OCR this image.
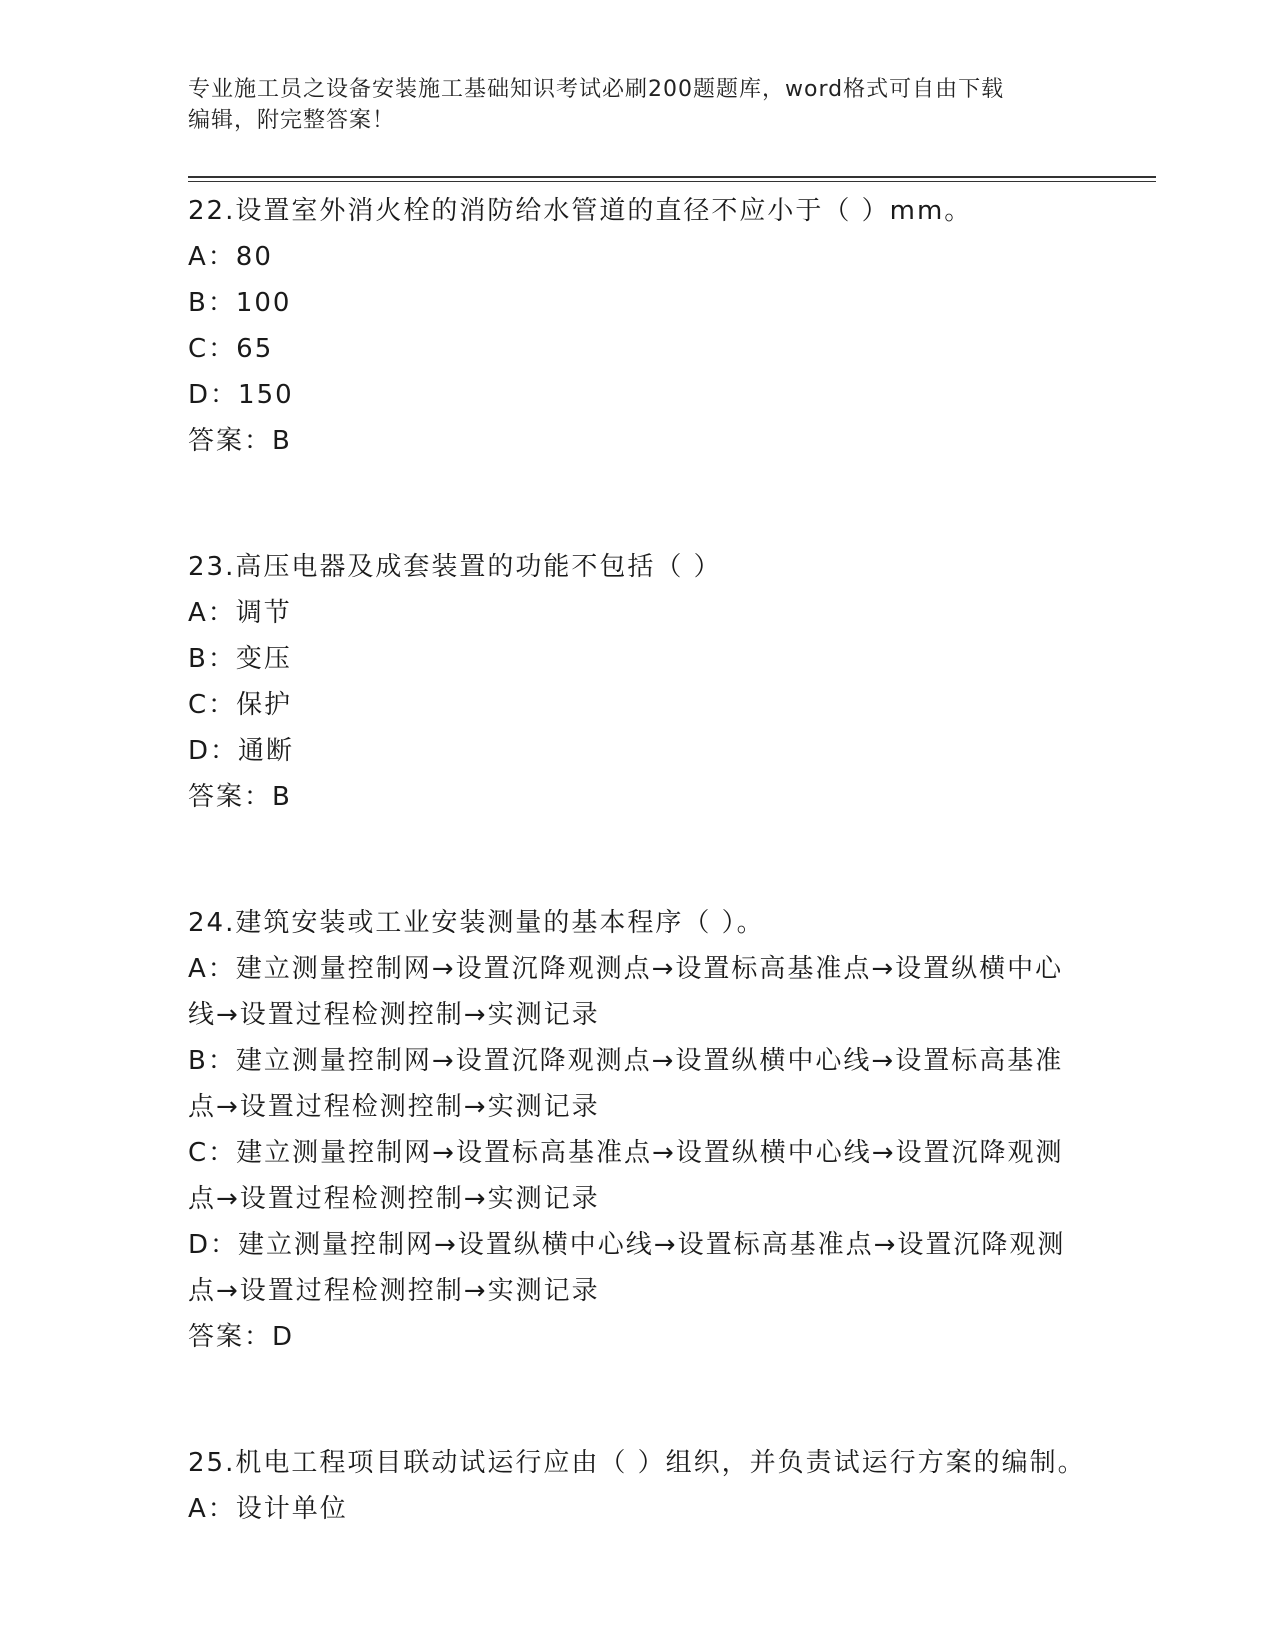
专业施工员之设备安装施工基础知识考试必刷200题题库，word格式可自由下载
编辑，附完整答案！
22.设置室外消火栓的消防给水管道的直径不应小于（ ）mm。
A：80
B：100
C：65
D：150
答案：B
23.高压电器及成套装置的功能不包括（ ）
A：调节
B：变压
C：保护
D：通断
答案：B
24.建筑安装或工业安装测量的基本程序（ ）。
A：建立测量控制网→设置沉降观测点→设置标高基准点→设置纵横中心线→设置过程检测控制→实测记录
B：建立测量控制网→设置沉降观测点→设置纵横中心线→设置标高基准点→设置过程检测控制→实测记录
C：建立测量控制网→设置标高基准点→设置纵横中心线→设置沉降观测点→设置过程检测控制→实测记录
D：建立测量控制网→设置纵横中心线→设置标高基准点→设置沉降观测点→设置过程检测控制→实测记录
答案：D
25.机电工程项目联动试运行应由（ ）组织，并负责试运行方案的编制。
A：设计单位
